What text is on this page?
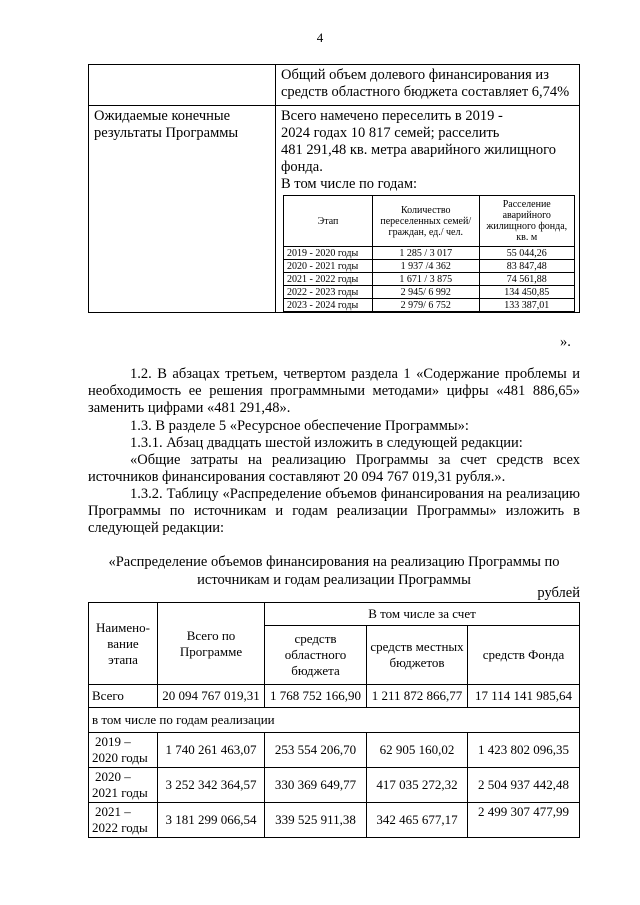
4
	Общий объем долевого финансирования из средств областного бюджета составляет 6,74%
Ожидаемые конечные результаты Программы	
Всего намечено переселить в 2019 -
2024 годах 10 817 семей; расселить
481 291,48 кв. метра аварийного жилищного фонда.
В том числе по годам:
Этап	Количество переселенных семей/граждан, ед./ чел.	Расселение аварийного жилищного фонда, кв. м
2019 - 2020 годы	1 285 / 3 017	55 044,26
2020 - 2021 годы	1 937 /4 362	83 847,48
2021 - 2022 годы	1 671 / 3 875	74 561,88
2022 - 2023 годы	2 945/ 6 992	134 450,85
2023 - 2024 годы	2 979/ 6 752	133 387,01
».
1.2. В абзацах третьем, четвертом раздела 1 «Содержание проблемы и необходимость ее решения программными методами» цифры «481 886,65» заменить цифрами «481 291,48».
1.3. В разделе 5 «Ресурсное обеспечение Программы»:
1.3.1. Абзац двадцать шестой изложить в следующей редакции:
«Общие затраты на реализацию Программы за счет средств всех источников финансирования составляют 20 094 767 019,31 рубля.».
1.3.2. Таблицу «Распределение объемов финансирования на реализацию Программы по источникам и годам реализации Программы» изложить в следующей редакции:
«Распределение объемов финансирования на реализацию Программы по источникам и годам реализации Программы
рублей
Наимено-вание этапа	Всего по Программе	В том числе за счет		
		средств областного бюджета	средств местных бюджетов	средств Фонда
Всего	20 094 767 019,31	1 768 752 166,90	1 211 872 866,77	17 114 141 985,64
в том числе по годам реализации				

2019 –
2020 годы	1 740 261 463,07	253 554 206,70	62 905 160,02	1 423 802 096,35

2020 –
2021 годы	3 252 342 364,57	330 369 649,77	417 035 272,32	2 504 937 442,48

2021 –
2022 годы	3 181 299 066,54	339 525 911,38	342 465 677,17	2 499 307 477,99
